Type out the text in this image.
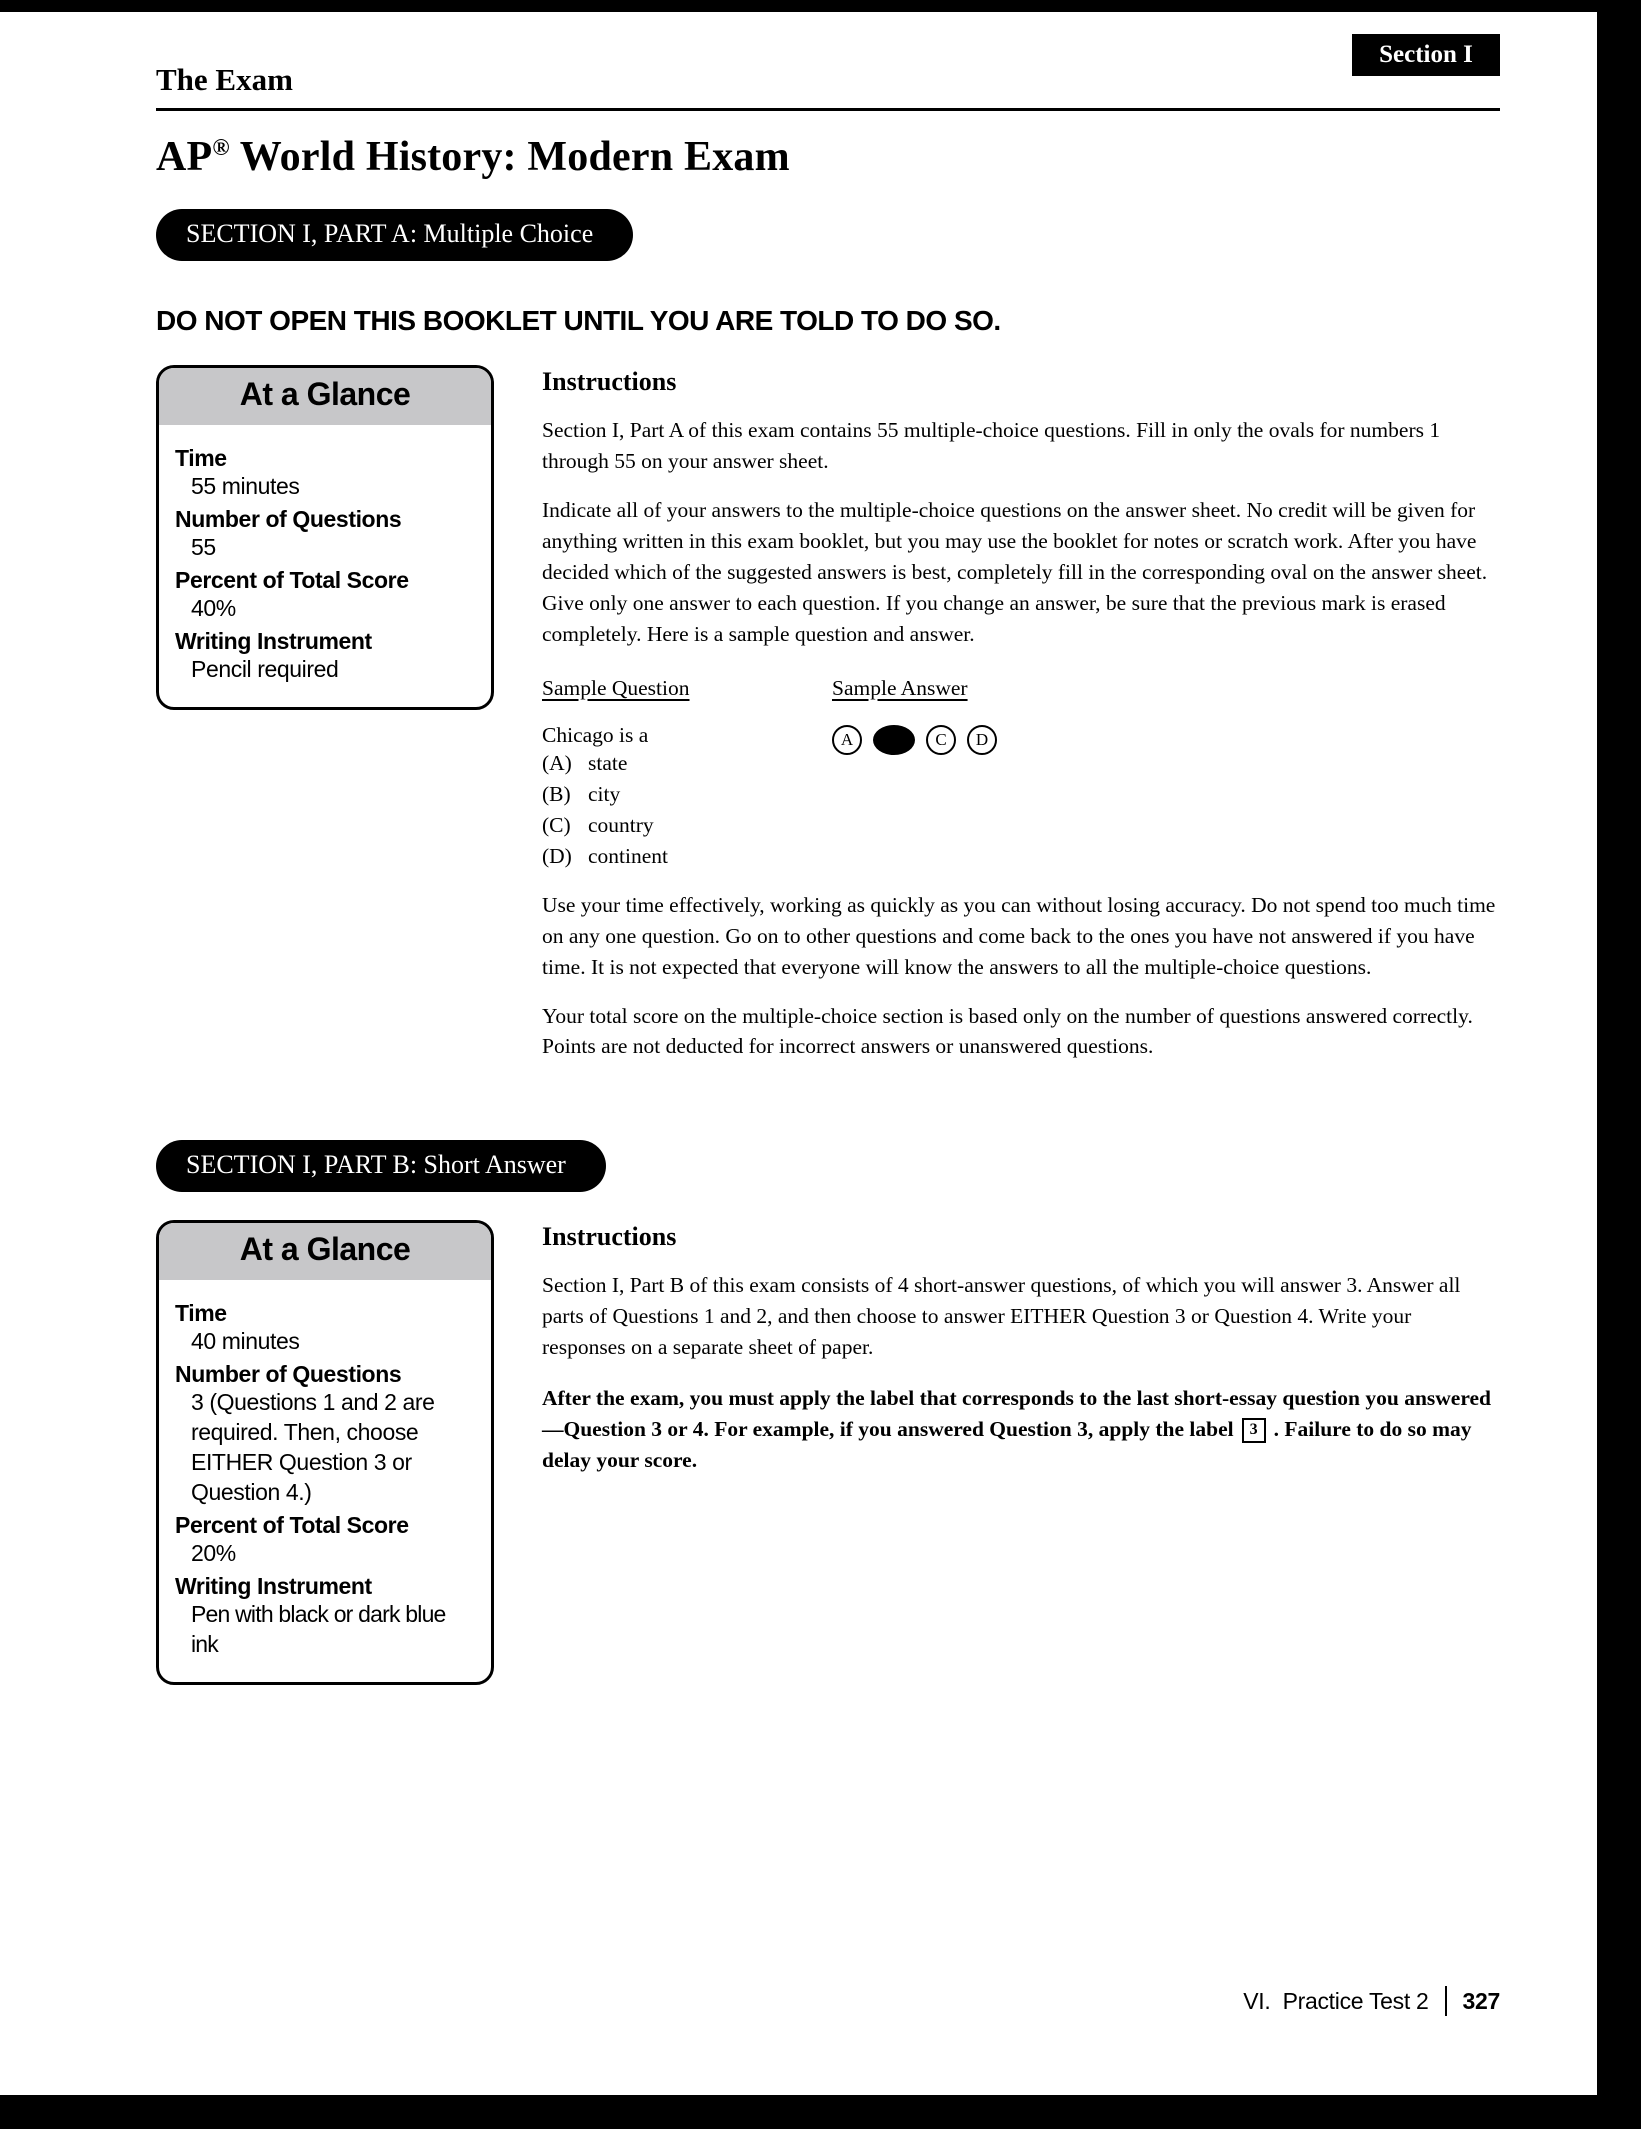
Section I
The Exam
AP® World History: Modern Exam
SECTION I, PART A: Multiple Choice
DO NOT OPEN THIS BOOKLET UNTIL YOU ARE TOLD TO DO SO.
At a Glance
Time
55 minutes
Number of Questions
55
Percent of Total Score
40%
Writing Instrument
Pencil required
Instructions

Section I, Part A of this exam contains 55 multiple-choice questions. Fill in only the ovals for numbers 1 through 55 on your answer sheet.

Indicate all of your answers to the multiple-choice questions on the answer sheet. No credit will be given for anything written in this exam booklet, but you may use the booklet for notes or scratch work. After you have decided which of the suggested answers is best, completely fill in the corresponding oval on the answer sheet. Give only one answer to each question. If you change an answer, be sure that the previous mark is erased completely. Here is a sample question and answer.

Sample Question
Chicago is a
(A) state
(B) city
(C) country
(D) continent
Sample Answer
A	C	D

Use your time effectively, working as quickly as you can without losing accuracy. Do not spend too much time on any one question. Go on to other questions and come back to the ones you have not answered if you have time. It is not expected that everyone will know the answers to all the multiple-choice questions.

Your total score on the multiple-choice section is based only on the number of questions answered correctly. Points are not deducted for incorrect answers or unanswered questions.

SECTION I, PART B: Short Answer
At a Glance
Time
40 minutes
Number of Questions
3 (Questions 1 and 2 are required. Then, choose EITHER Question 3 or Question 4.)
Percent of Total Score
20%
Writing Instrument
Pen with black or dark blue ink
Instructions

Section I, Part B of this exam consists of 4 short-answer questions, of which you will answer 3. Answer all parts of Questions 1 and 2, and then choose to answer EITHER Question 3 or Question 4. Write your responses on a separate sheet of paper.

After the exam, you must apply the label that corresponds to the last short-essay question you answered—Question 3 or 4. For example, if you answered Question 3, apply the label 3 . Failure to do so may delay your score.

VI.  Practice Test 2 327
